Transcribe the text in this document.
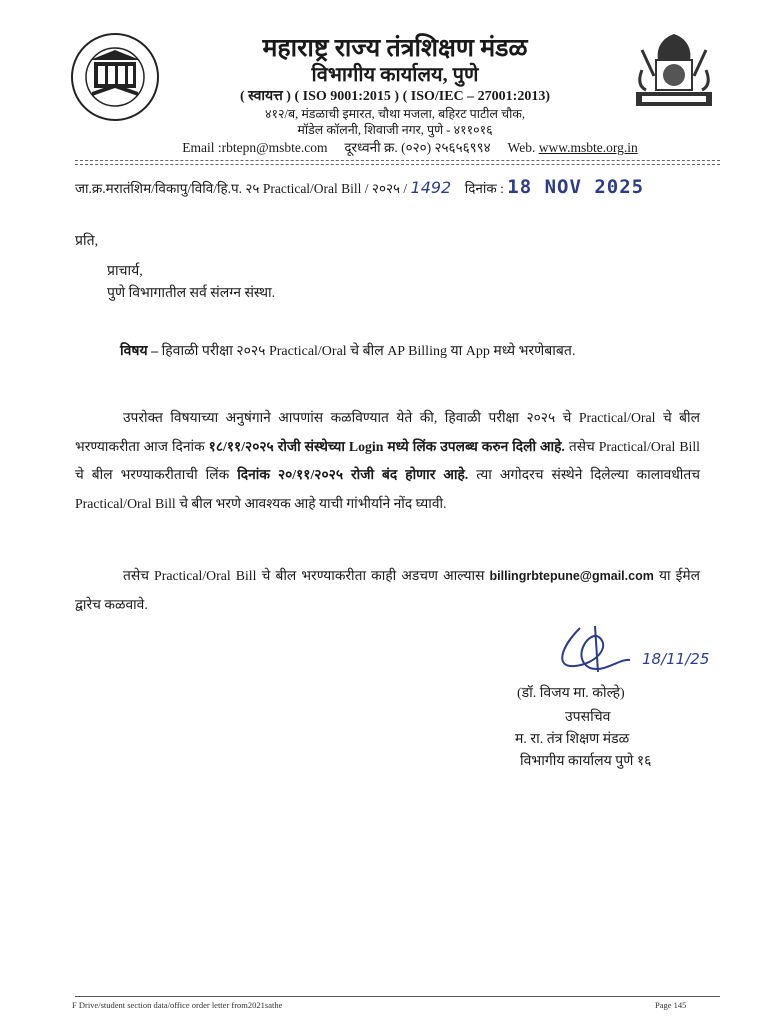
महाराष्ट्र राज्य तंत्रशिक्षण मंडळ
विभागीय कार्यालय, पुणे
( स्वायत्त ) ( ISO 9001:2015 ) ( ISO/IEC – 27001:2013)
४१२/ब, मंडळाची इमारत, चौथा मजला, बहिरट पाटील चौक,
मॉडेल कॉलनी, शिवाजी नगर, पुणे - ४११०१६
Email :rbtepn@msbte.com दूरध्वनी क्र. (०२०) २५६५६९९४ Web. www.msbte.org.in
जा.क्र.मरातंशिम/विकापु/विवि/हि.प. २५ Practical/Oral Bill / २०२५ / 1492 दिनांक : 18 NOV 2025
प्रति,
प्राचार्य,
पुणे विभागातील सर्व संलग्न संस्था.
विषय – हिवाळी परीक्षा २०२५ Practical/Oral चे बील AP Billing या App मध्ये भरणेबाबत.
उपरोक्त विषयाच्या अनुषंगाने आपणांस कळविण्यात येते की, हिवाळी परीक्षा २०२५ चे Practical/Oral चे बील भरण्याकरीता आज दिनांक १८/११/२०२५ रोजी संस्थेच्या Login मध्ये लिंक उपलब्ध करुन दिली आहे. तसेच Practical/Oral Bill चे बील भरण्याकरीताची लिंक दिनांक २०/११/२०२५ रोजी बंद होणार आहे. त्या अगोदरच संस्थेने दिलेल्या कालावधीतच Practical/Oral Bill चे बील भरणे आवश्यक आहे याची गांभीर्याने नोंद घ्यावी.
तसेच Practical/Oral Bill चे बील भरण्याकरीता काही अडचण आल्यास billingrbtepune@gmail.com या ईमेल द्वारेच कळवावे.
18/11/25
(डॉ. विजय मा. कोल्हे)
उपसचिव
म. रा. तंत्र शिक्षण मंडळ
विभागीय कार्यालय पुणे १६
F Drive/student section data/office order letter from2021sathe	Page 145
